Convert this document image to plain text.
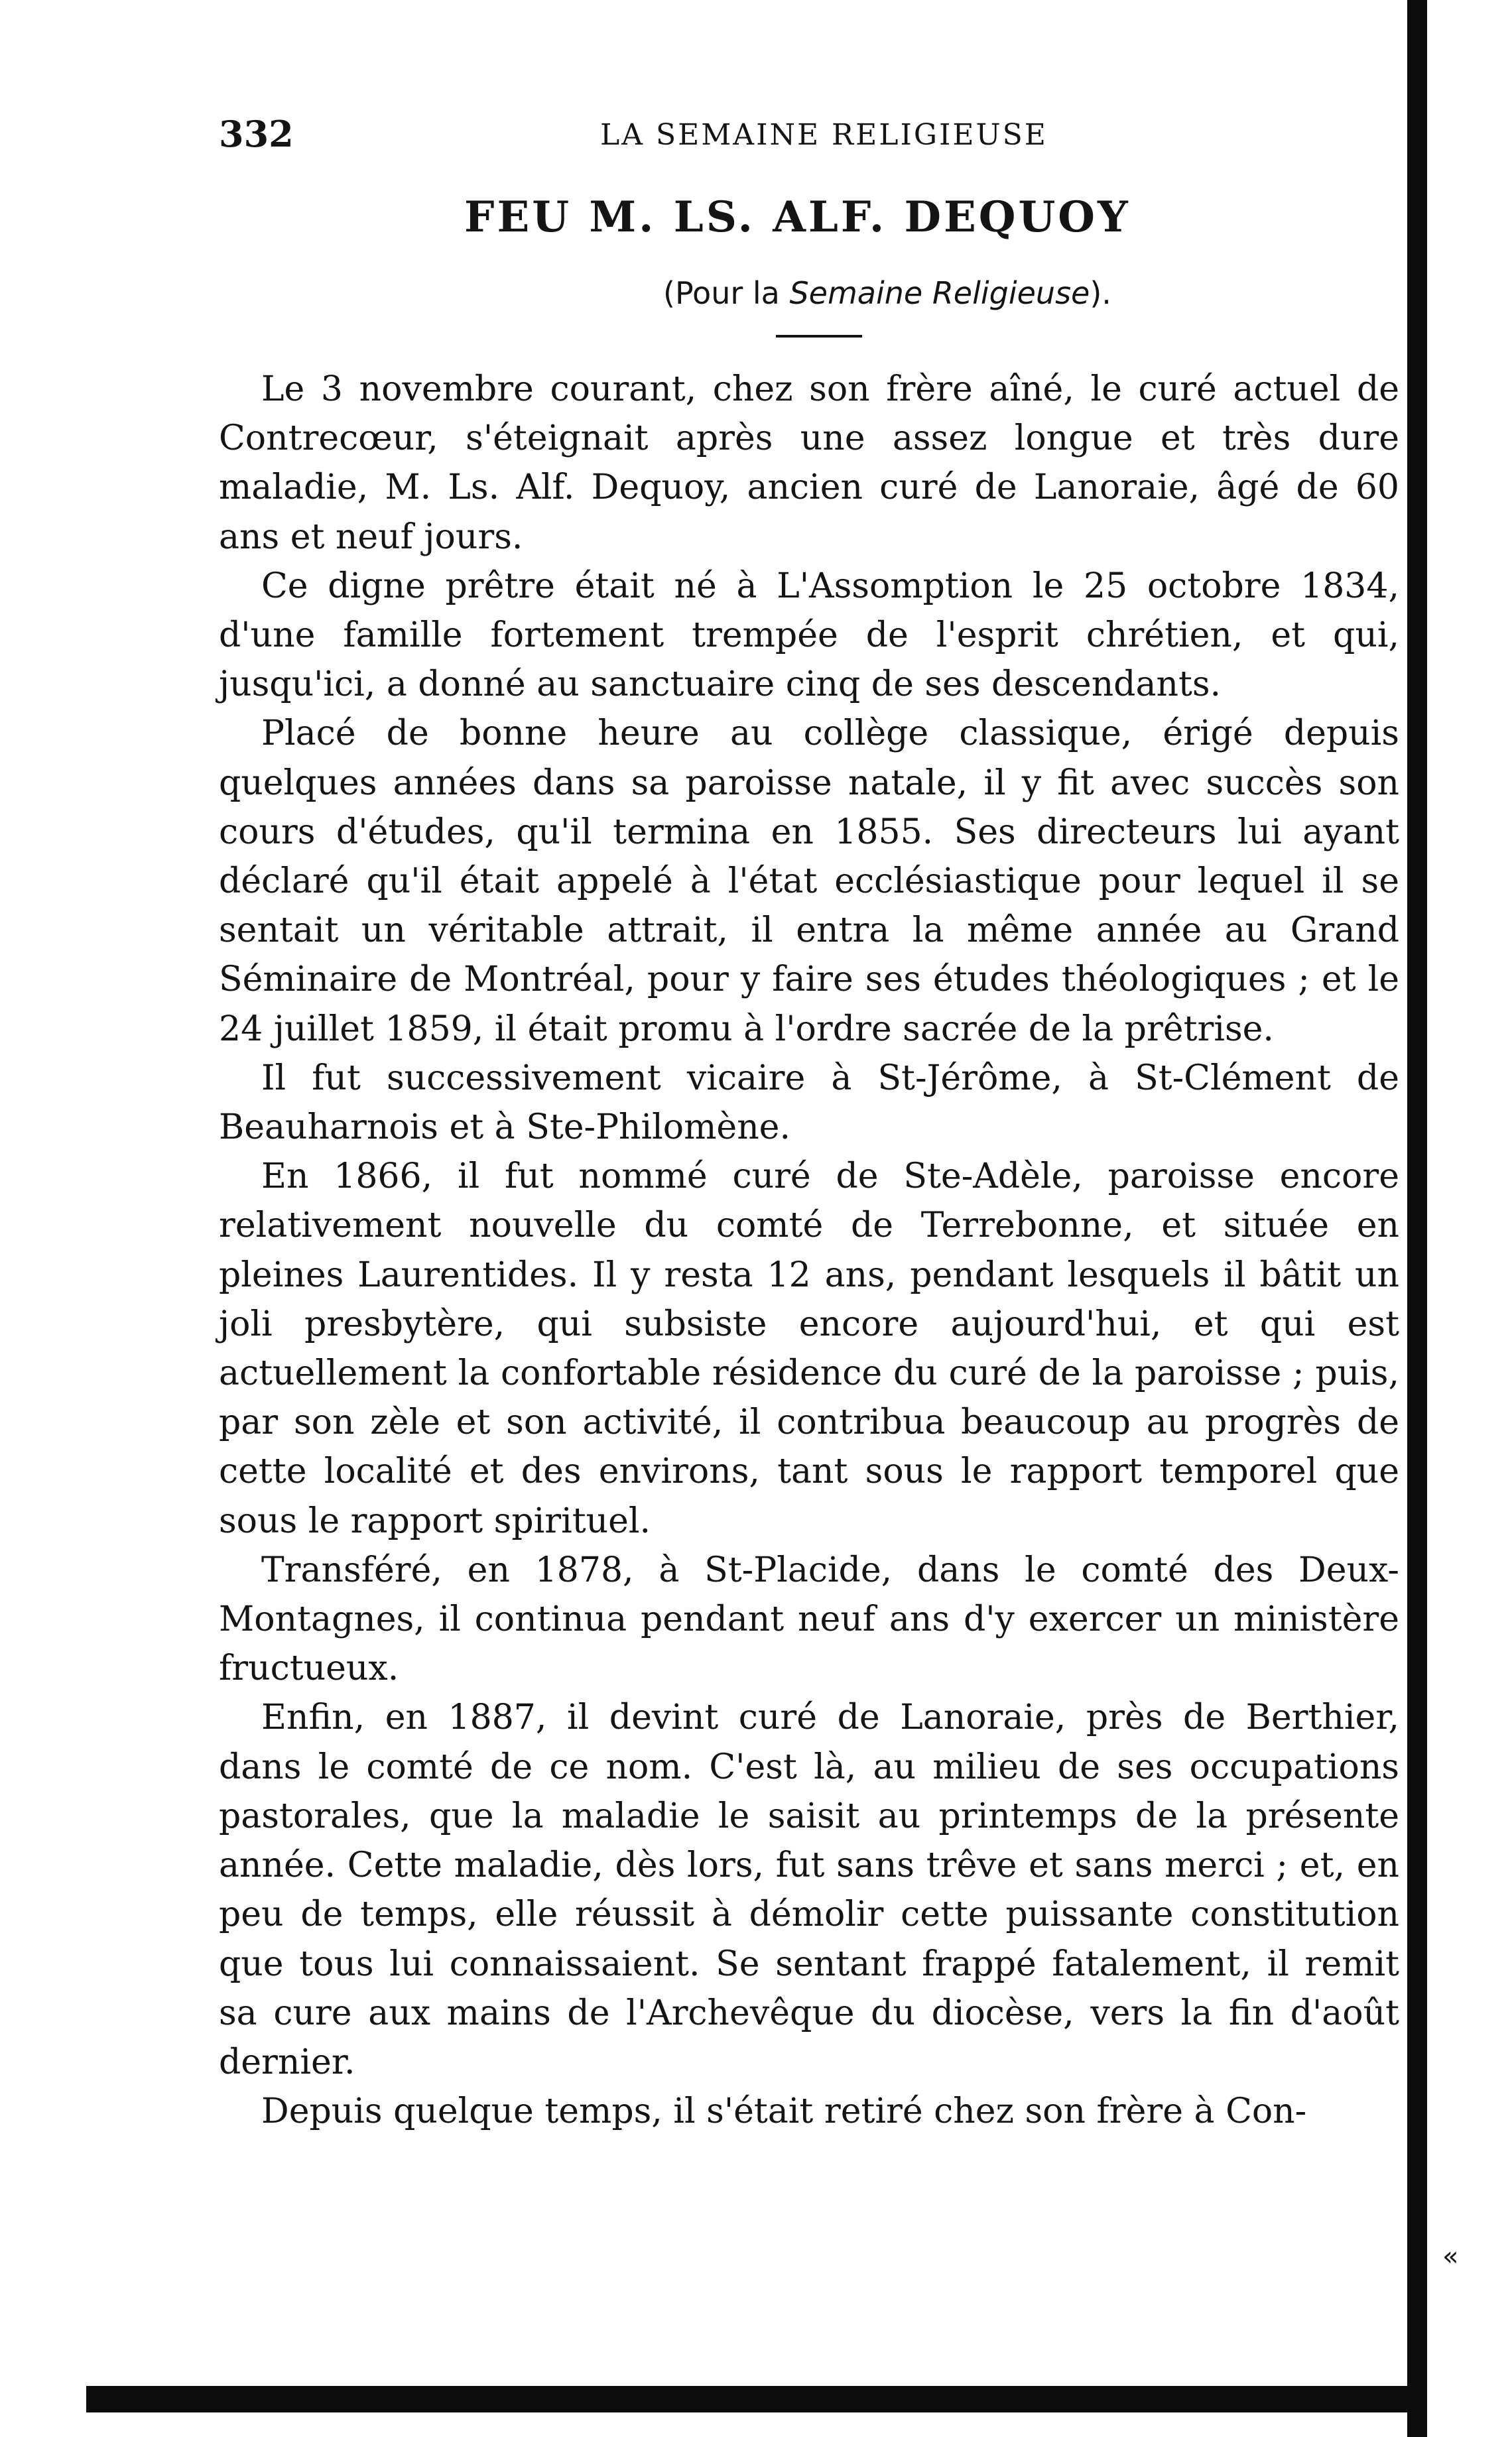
332	LA SEMAINE RELIGIEUSE
FEU M. LS. ALF. DEQUOY
(Pour la Semaine Religieuse).

Le 3 novembre courant, chez son frère aîné, le curé actuel de Contrecœur, s'éteignait après une assez longue et très dure maladie, M. Ls. Alf. Dequoy, ancien curé de Lanoraie, âgé de 60 ans et neuf jours.

Ce digne prêtre était né à L'Assomption le 25 octobre 1834, d'une famille fortement trempée de l'esprit chrétien, et qui, jusqu'ici, a donné au sanctuaire cinq de ses descendants.

Placé de bonne heure au collège classique, érigé depuis quelques années dans sa paroisse natale, il y fit avec succès son cours d'études, qu'il termina en 1855. Ses directeurs lui ayant déclaré qu'il était appelé à l'état ecclésiastique pour lequel il se sentait un véritable attrait, il entra la même année au Grand Séminaire de Montréal, pour y faire ses études théologiques ; et le 24 juillet 1859, il était promu à l'ordre sacrée de la prêtrise.

Il fut successivement vicaire à St-Jérôme, à St-Clément de Beauharnois et à Ste-Philomène.

En 1866, il fut nommé curé de Ste-Adèle, paroisse encore relativement nouvelle du comté de Terrebonne, et située en pleines Laurentides. Il y resta 12 ans, pendant lesquels il bâtit un joli presbytère, qui subsiste encore aujourd'hui, et qui est actuellement la confortable résidence du curé de la paroisse ; puis, par son zèle et son activité, il contribua beaucoup au progrès de cette localité et des environs, tant sous le rapport temporel que sous le rapport spirituel.

Transféré, en 1878, à St-Placide, dans le comté des Deux-Montagnes, il continua pendant neuf ans d'y exercer un ministère fructueux.

Enfin, en 1887, il devint curé de Lanoraie, près de Berthier, dans le comté de ce nom. C'est là, au milieu de ses occupations pastorales, que la maladie le saisit au printemps de la présente année. Cette maladie, dès lors, fut sans trêve et sans merci ; et, en peu de temps, elle réussit à démolir cette puissante constitution que tous lui connaissaient. Se sentant frappé fatalement, il remit sa cure aux mains de l'Archevêque du diocèse, vers la fin d'août dernier.

Depuis quelque temps, il s'était retiré chez son frère à Con-

«
